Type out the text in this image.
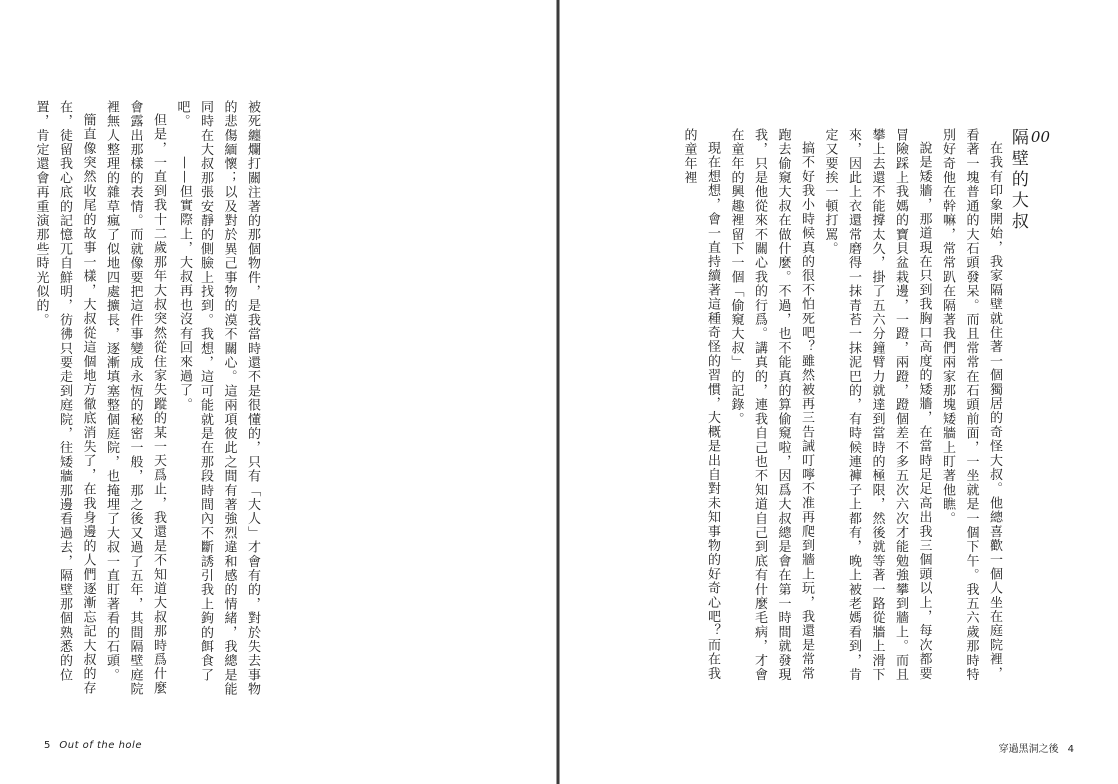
被死纏爛打關注著的那個物件，是我當時還不是很懂的，只有「大人」才會有的，對於失去事物的悲傷緬懷；以及對於異己事物的漠不關心。這兩項彼此之間有著強烈違和感的情緒，我總是能同時在大叔那張安靜的側臉上找到。我想，這可能就是在那段時間內不斷誘引我上鉤的餌食了吧。

但是，一直到我十二歲那年大叔突然從住家失蹤的某一天爲止，我還是不知道大叔那時爲什麼會露出那樣的表情。而就像要把這件事變成永恆的秘密一般，那之後又過了五年，其間隔壁庭院裡無人整理的雜草瘋了似地四處擴長，逐漸填塞整個庭院，也掩埋了大叔一直盯著看的石頭。

簡直像突然收尾的故事一樣，大叔從這個地方徹底消失了，在我身邊的人們逐漸忘記大叔的存在，徒留我心底的記憶兀自鮮明，彷彿只要走到庭院，往矮牆那邊看過去，隔壁那個熟悉的位置，肯定還會再重演那些時光似的。	——但實際上，大叔再也沒有回來過了。
5 Out of the hole
00
隔壁的大叔

在我有印象開始，我家隔壁就住著一個獨居的奇怪大叔。他總喜歡一個人坐在庭院裡，看著一塊普通的大石頭發呆。而且常常在石頭前面，一坐就是一個下午。我五六歲那時特別好奇他在幹嘛，常常趴在隔著我們兩家那塊矮牆上盯著他瞧。

說是矮牆，那道現在只到我胸口高度的矮牆，在當時足足高出我三個頭以上，每次都要冒險踩上我媽的寶貝盆栽邊，一蹬，兩蹬，蹬個差不多五次六次才能勉強攀到牆上。而且攀上去還不能撐太久，掛了五六分鐘臂力就達到當時的極限，然後就等著一路從牆上滑下來，因此上衣還常磨得一抹青苔一抹泥巴的，有時候連褲子上都有，晚上被老媽看到，肯定又要挨一頓打罵。

搞不好我小時候真的很不怕死吧？雖然被再三告誡叮嚀不准再爬到牆上玩，我還是常常跑去偷窺大叔在做什麼。不過，也不能真的算偷窺啦，因爲大叔總是會在第一時間就發現我，只是他從來不關心我的行爲。講真的，連我自己也不知道自己到底有什麼毛病，才會在童年的興趣裡留下一個「偷窺大叔」的記錄。

現在想想，會一直持續著這種奇怪的習慣，大概是出自對未知事物的好奇心吧？而在我的童年裡

穿過黑洞之後 4
